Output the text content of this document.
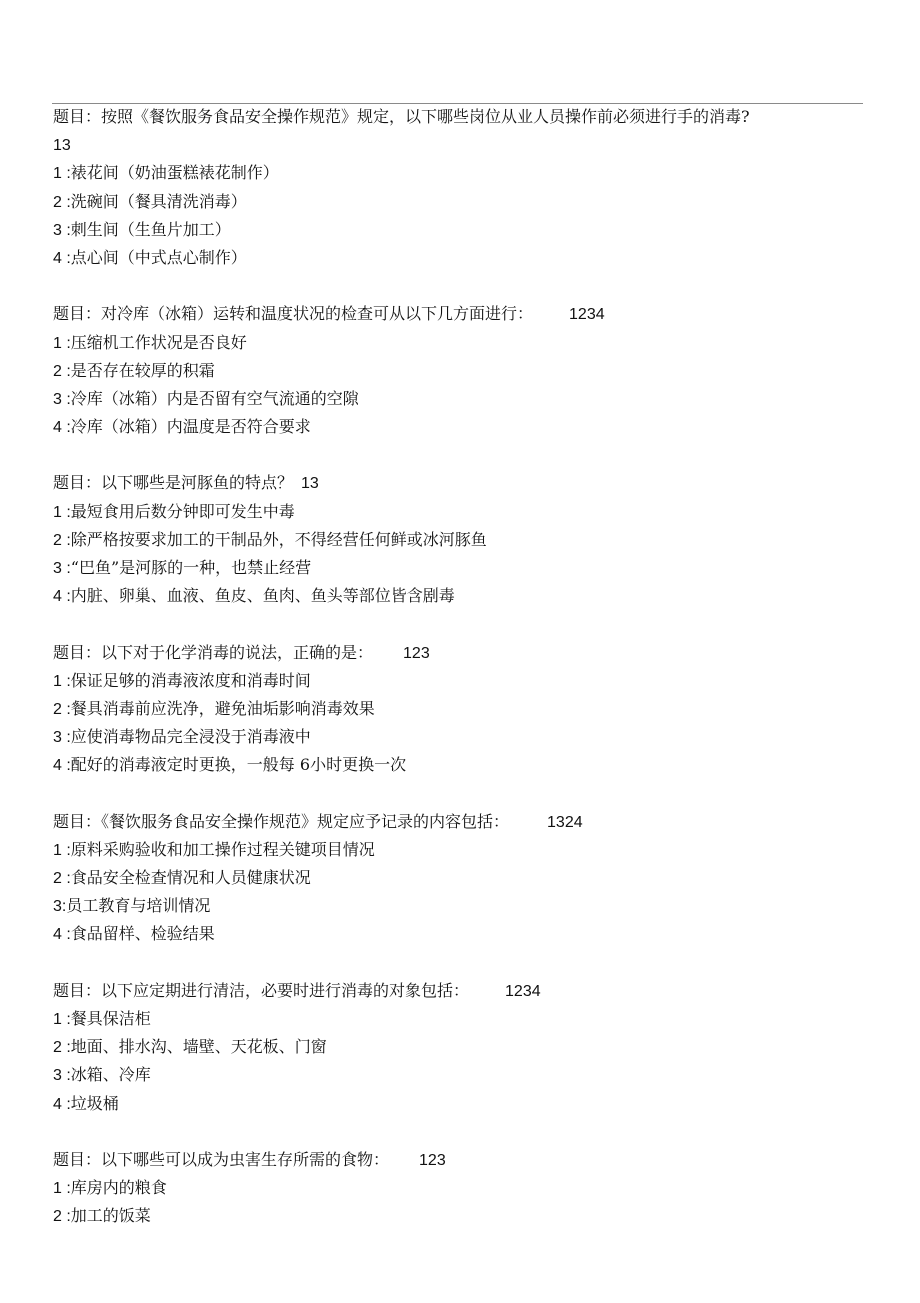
题目：按照《餐饮服务食品安全操作规范》规定，以下哪些岗位从业人员操作前必须进行手的消毒?
13
1 :裱花间（奶油蛋糕裱花制作）
2 :洗碗间（餐具清洗消毒）
3 :刺生间（生鱼片加工）
4 :点心间（中式点心制作）
题目：对冷库（冰箱）运转和温度状况的检查可从以下几方面进行： 1234
1 :压缩机工作状况是否良好
2 :是否存在较厚的积霜
3 :冷库（冰箱）内是否留有空气流通的空隙
4 :冷库（冰箱）内温度是否符合要求
题目：以下哪些是河豚鱼的特点？ 13
1 :最短食用后数分钟即可发生中毒
2 :除严格按要求加工的干制品外，不得经营任何鲜或冰河豚鱼
3 :“巴鱼”是河豚的一种，也禁止经营
4 :内脏、卵巢、血液、鱼皮、鱼肉、鱼头等部位皆含剧毒
题目：以下对于化学消毒的说法，正确的是： 123
1 :保证足够的消毒液浓度和消毒时间
2 :餐具消毒前应洗净，避免油垢影响消毒效果
3 :应使消毒物品完全浸没于消毒液中
4 :配好的消毒液定时更换，一般每 6小时更换一次
题目：《餐饮服务食品安全操作规范》规定应予记录的内容包括： 1324
1 :原料采购验收和加工操作过程关键项目情况
2 :食品安全检查情况和人员健康状况
3:员工教育与培训情况
4 :食品留样、检验结果
题目：以下应定期进行清洁，必要时进行消毒的对象包括： 1234
1 :餐具保洁柜
2 :地面、排水沟、墙壁、天花板、门窗
3 :冰箱、冷库
4 :垃圾桶
题目：以下哪些可以成为虫害生存所需的食物： 123
1 :库房内的粮食
2 :加工的饭菜
